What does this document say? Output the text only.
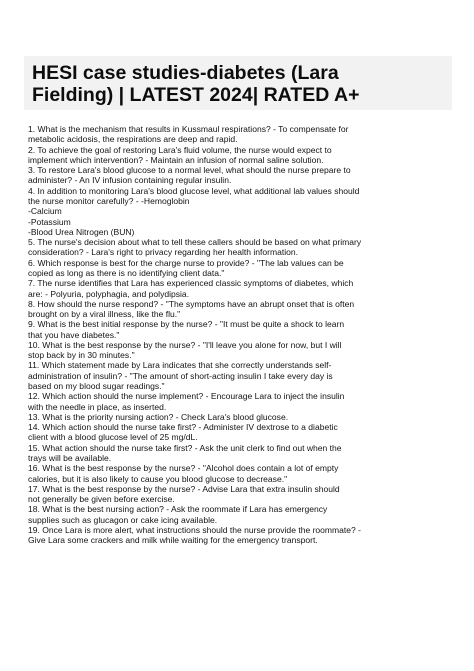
HESI case studies-diabetes (Lara
Fielding) | LATEST 2024| RATED A+
1. What is the mechanism that results in Kussmaul respirations? - To compensate for
metabolic acidosis, the respirations are deep and rapid.
2. To achieve the goal of restoring Lara's fluid volume, the nurse would expect to
implement which intervention? - Maintain an infusion of normal saline solution.
3. To restore Lara's blood glucose to a normal level, what should the nurse prepare to
administer? - An IV infusion containing regular insulin.
4. In addition to monitoring Lara's blood glucose level, what additional lab values should
the nurse monitor carefully? - -Hemoglobin
-Calcium
-Potassium
-Blood Urea Nitrogen (BUN)
5. The nurse's decision about what to tell these callers should be based on what primary
consideration? - Lara's right to privacy regarding her health information.
6. Which response is best for the charge nurse to provide? - "The lab values can be
copied as long as there is no identifying client data."
7. The nurse identifies that Lara has experienced classic symptoms of diabetes, which
are: - Polyuria, polyphagia, and polydipsia.
8. How should the nurse respond? - "The symptoms have an abrupt onset that is often
brought on by a viral illness, like the flu."
9. What is the best initial response by the nurse? - "It must be quite a shock to learn
that you have diabetes."
10. What is the best response by the nurse? - "I'll leave you alone for now, but I will
stop back by in 30 minutes."
11. Which statement made by Lara indicates that she correctly understands self-
administration of insulin? - "The amount of short-acting insulin I take every day is
based on my blood sugar readings."
12. Which action should the nurse implement? - Encourage Lara to inject the insulin
with the needle in place, as inserted.
13. What is the priority nursing action? - Check Lara's blood glucose.
14. Which action should the nurse take first? - Administer IV dextrose to a diabetic
client with a blood glucose level of 25 mg/dL.
15. What action should the nurse take first? - Ask the unit clerk to find out when the
trays will be available.
16. What is the best response by the nurse? - "Alcohol does contain a lot of empty
calories, but it is also likely to cause you blood glucose to decrease."
17. What is the best response by the nurse? - Advise Lara that extra insulin should
not generally be given before exercise.
18. What is the best nursing action? - Ask the roommate if Lara has emergency
supplies such as glucagon or cake icing available.
19. Once Lara is more alert, what instructions should the nurse provide the roommate? -
Give Lara some crackers and milk while waiting for the emergency transport.
